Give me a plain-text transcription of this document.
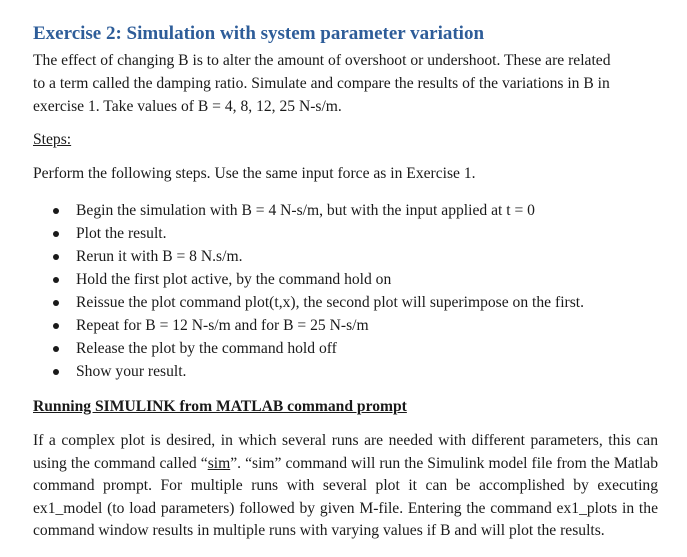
Exercise 2: Simulation with system parameter variation

The effect of changing B is to alter the amount of overshoot or undershoot. These are related
to a term called the damping ratio. Simulate and compare the results of the variations in B in
exercise 1. Take values of B = 4, 8, 12, 25 N-s/m.

Steps:

Perform the following steps. Use the same input force as in Exercise 1.

Begin the simulation with B = 4 N-s/m, but with the input applied at t = 0
Plot the result.
Rerun it with B = 8 N.s/m.
Hold the first plot active, by the command hold on
Reissue the plot command plot(t,x), the second plot will superimpose on the first.
Repeat for B = 12 N-s/m and for B = 25 N-s/m
Release the plot by the command hold off
Show your result.

Running SIMULINK from MATLAB command prompt

If a complex plot is desired, in which several runs are needed with different parameters, this can using the command called “sim”. “sim” command will run the Simulink model file from the Matlab command prompt. For multiple runs with several plot it can be accomplished by executing ex1_model (to load parameters) followed by given M-file. Entering the command ex1_plots in the command window results in multiple runs with varying values if B and will plot the results.
